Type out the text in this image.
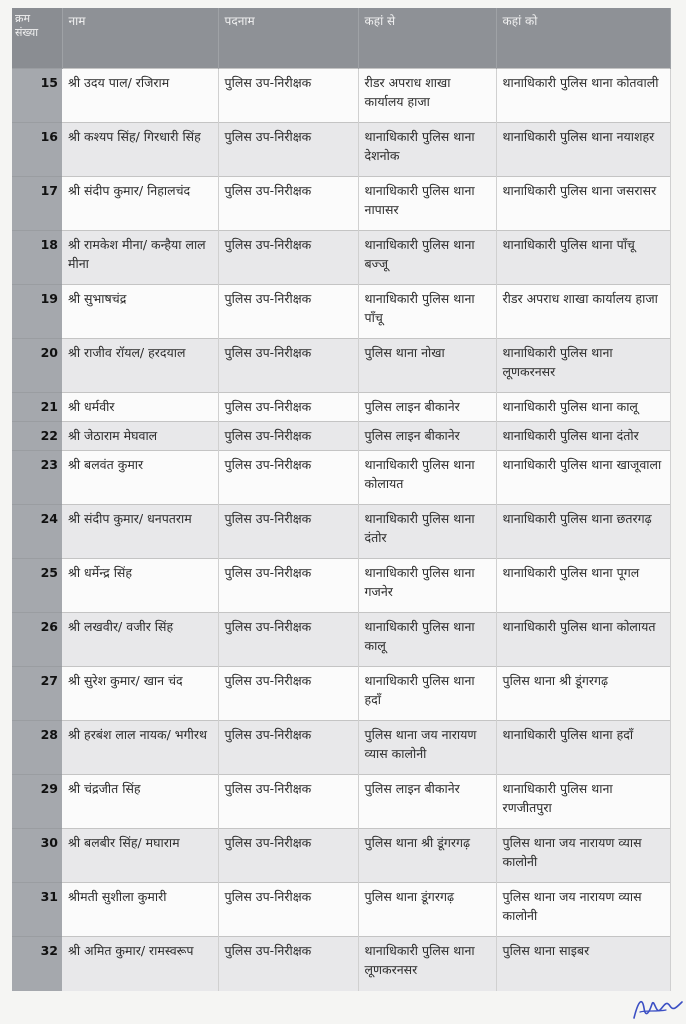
क्रम
संख्या	नाम	पदनाम	कहां से	कहां को
15	श्री उदय पाल/ रजिराम	पुलिस उप-निरीक्षक	रीडर अपराध शाखा कार्यालय हाजा	थानाधिकारी पुलिस थाना कोतवाली
16	श्री कश्यप सिंह/ गिरधारी सिंह	पुलिस उप-निरीक्षक	थानाधिकारी पुलिस थाना देशनोक	थानाधिकारी पुलिस थाना नयाशहर
17	श्री संदीप कुमार/ निहालचंद	पुलिस उप-निरीक्षक	थानाधिकारी पुलिस थाना नापासर	थानाधिकारी पुलिस थाना जसरासर
18	श्री रामकेश मीना/ कन्हैया लाल मीना	पुलिस उप-निरीक्षक	थानाधिकारी पुलिस थाना बज्जू	थानाधिकारी पुलिस थाना पाँचू
19	श्री सुभाषचंद्र	पुलिस उप-निरीक्षक	थानाधिकारी पुलिस थाना पाँचू	रीडर अपराध शाखा कार्यालय हाजा
20	श्री राजीव रॉयल/ हरदयाल	पुलिस उप-निरीक्षक	पुलिस थाना नोखा	थानाधिकारी पुलिस थाना लूणकरनसर
21	श्री धर्मवीर	पुलिस उप-निरीक्षक	पुलिस लाइन बीकानेर	थानाधिकारी पुलिस थाना कालू
22	श्री जेठाराम मेघवाल	पुलिस उप-निरीक्षक	पुलिस लाइन बीकानेर	थानाधिकारी पुलिस थाना दंतोर
23	श्री बलवंत कुमार	पुलिस उप-निरीक्षक	थानाधिकारी पुलिस थाना कोलायत	थानाधिकारी पुलिस थाना खाजूवाला
24	श्री संदीप कुमार/ धनपतराम	पुलिस उप-निरीक्षक	थानाधिकारी पुलिस थाना दंतोर	थानाधिकारी पुलिस थाना छतरगढ़
25	श्री धर्मेन्द्र सिंह	पुलिस उप-निरीक्षक	थानाधिकारी पुलिस थाना गजनेर	थानाधिकारी पुलिस थाना पूगल
26	श्री लखवीर/ वजीर सिंह	पुलिस उप-निरीक्षक	थानाधिकारी पुलिस थाना कालू	थानाधिकारी पुलिस थाना कोलायत
27	श्री सुरेश कुमार/ खान चंद	पुलिस उप-निरीक्षक	थानाधिकारी पुलिस थाना हदाँ	पुलिस थाना श्री डूंगरगढ़
28	श्री हरबंश लाल नायक/ भगीरथ	पुलिस उप-निरीक्षक	पुलिस थाना जय नारायण व्यास कालोनी	थानाधिकारी पुलिस थाना हदाँ
29	श्री चंद्रजीत सिंह	पुलिस उप-निरीक्षक	पुलिस लाइन बीकानेर	थानाधिकारी पुलिस थाना रणजीतपुरा
30	श्री बलबीर सिंह/ मघाराम	पुलिस उप-निरीक्षक	पुलिस थाना श्री डूंगरगढ़	पुलिस थाना जय नारायण व्यास कालोनी
31	श्रीमती सुशीला कुमारी	पुलिस उप-निरीक्षक	पुलिस थाना डूंगरगढ़	पुलिस थाना जय नारायण व्यास कालोनी
32	श्री अमित कुमार/ रामस्वरूप	पुलिस उप-निरीक्षक	थानाधिकारी पुलिस थाना लूणकरनसर	पुलिस थाना साइबर
